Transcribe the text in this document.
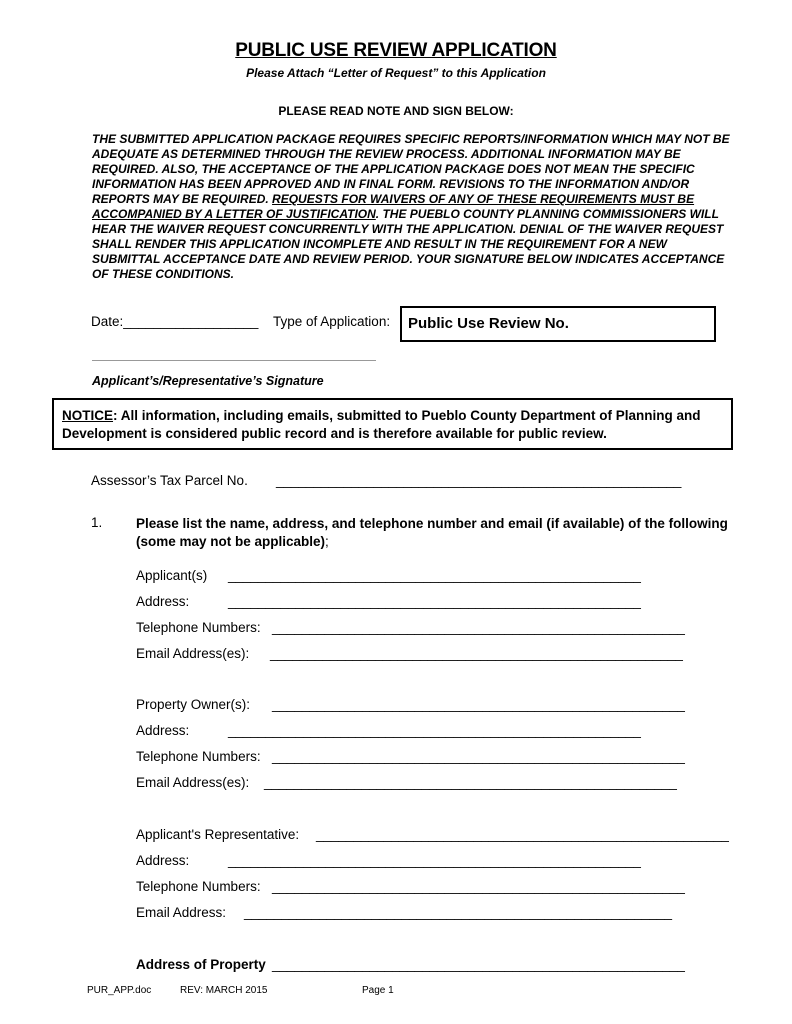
PUBLIC USE REVIEW APPLICATION
Please Attach “Letter of Request” to this Application
PLEASE READ NOTE AND SIGN BELOW:
THE SUBMITTED APPLICATION PACKAGE REQUIRES SPECIFIC REPORTS/INFORMATION WHICH MAY NOT BE ADEQUATE AS DETERMINED THROUGH THE REVIEW PROCESS. ADDITIONAL INFORMATION MAY BE REQUIRED. ALSO, THE ACCEPTANCE OF THE APPLICATION PACKAGE DOES NOT MEAN THE SPECIFIC INFORMATION HAS BEEN APPROVED AND IN FINAL FORM. REVISIONS TO THE INFORMATION AND/OR REPORTS MAY BE REQUIRED. REQUESTS FOR WAIVERS OF ANY OF THESE REQUIREMENTS MUST BE ACCOMPANIED BY A LETTER OF JUSTIFICATION. THE PUEBLO COUNTY PLANNING COMMISSIONERS WILL HEAR THE WAIVER REQUEST CONCURRENTLY WITH THE APPLICATION. DENIAL OF THE WAIVER REQUEST SHALL RENDER THIS APPLICATION INCOMPLETE AND RESULT IN THE REQUIREMENT FOR A NEW SUBMITTAL ACCEPTANCE DATE AND REVIEW PERIOD. YOUR SIGNATURE BELOW INDICATES ACCEPTANCE OF THESE CONDITIONS.
Date:__________________ Type of Application: Public Use Review No.
Applicant’s/Representative’s Signature
NOTICE: All information, including emails, submitted to Pueblo County Department of Planning and Development is considered public record and is therefore available for public review.
Assessor’s Tax Parcel No. ______________________________________________________
1. Please list the name, address, and telephone number and email (if available) of the following (some may not be applicable);
Applicant(s) _______________________________________________________
Address:	_______________________________________________________
Telephone Numbers: _______________________________________________________
Email Address(es): _______________________________________________________
Property Owner(s): _______________________________________________________
Address:	_______________________________________________________
Telephone Numbers: _______________________________________________________
Email Address(es): _______________________________________________________
Applicant's Representative: _______________________________________________________
Address:	_______________________________________________________
Telephone Numbers: _______________________________________________________
Email Address: _________________________________________________________
Address of Property _______________________________________________________
PUR_APP.doc	REV: MARCH 2015	Page 1
